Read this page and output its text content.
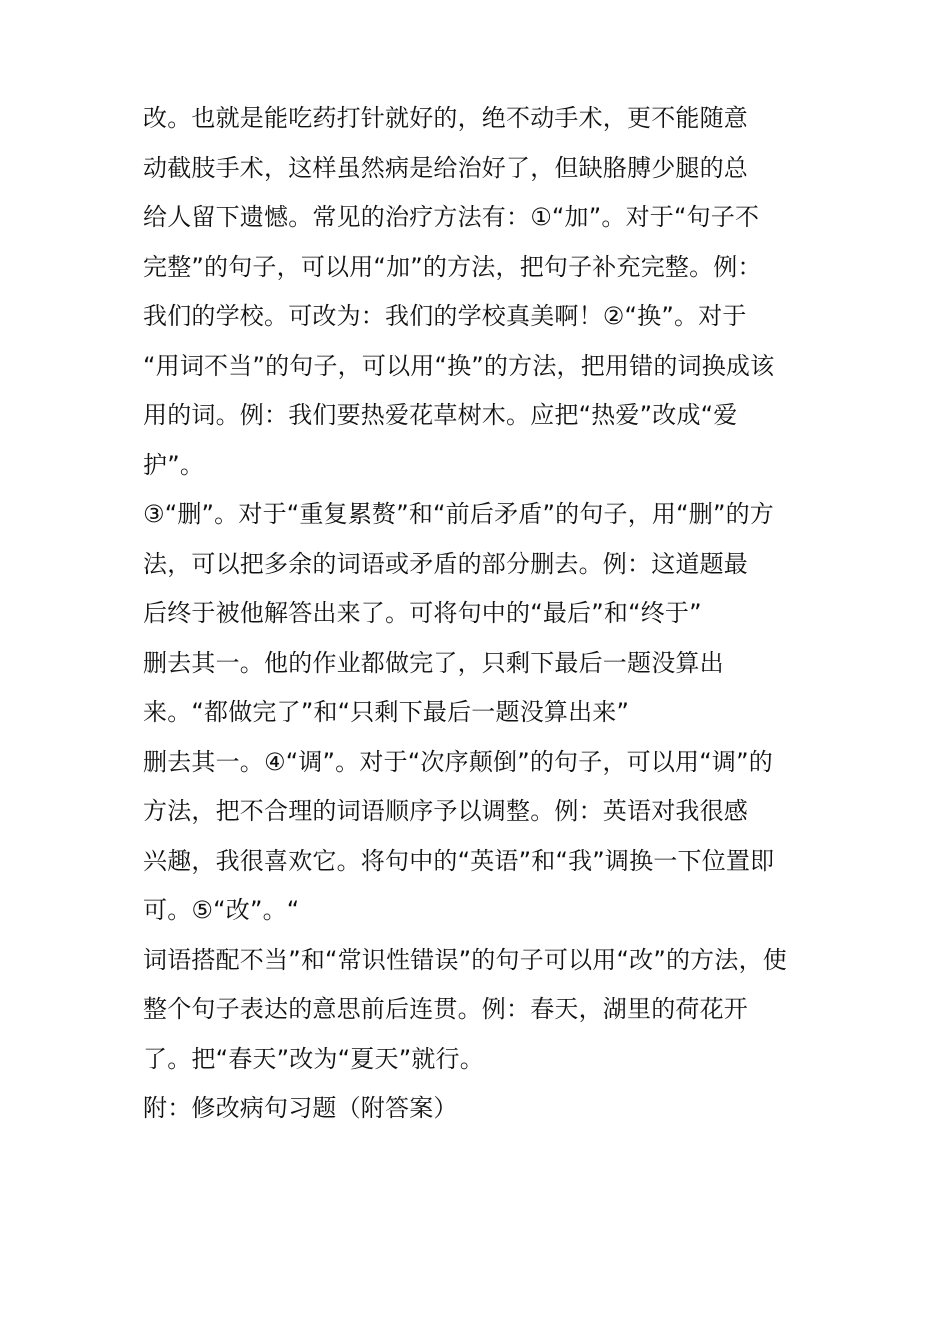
改。也就是能吃药打针就好的，绝不动手术，更不能随意
动截肢手术，这样虽然病是给治好了，但缺胳膊少腿的总
给人留下遗憾。常见的治疗方法有：①“加”。对于“句子不
完整”的句子，可以用“加”的方法，把句子补充完整。例：
我们的学校。可改为：我们的学校真美啊！②“换”。对于
“用词不当”的句子，可以用“换”的方法，把用错的词换成该
用的词。例：我们要热爱花草树木。应把“热爱”改成“爱
护”。
③“删”。对于“重复累赘”和“前后矛盾”的句子，用“删”的方
法，可以把多余的词语或矛盾的部分删去。例：这道题最
后终于被他解答出来了。可将句中的“最后”和“终于”
删去其一。他的作业都做完了，只剩下最后一题没算出
来。“都做完了”和“只剩下最后一题没算出来”
删去其一。④“调”。对于“次序颠倒”的句子，可以用“调”的
方法，把不合理的词语顺序予以调整。例：英语对我很感
兴趣，我很喜欢它。将句中的“英语”和“我”调换一下位置即
可。⑤“改”。“
词语搭配不当”和“常识性错误”的句子可以用“改”的方法，使
整个句子表达的意思前后连贯。例：春天，湖里的荷花开
了。把“春天”改为“夏天”就行。
附：修改病句习题（附答案）
